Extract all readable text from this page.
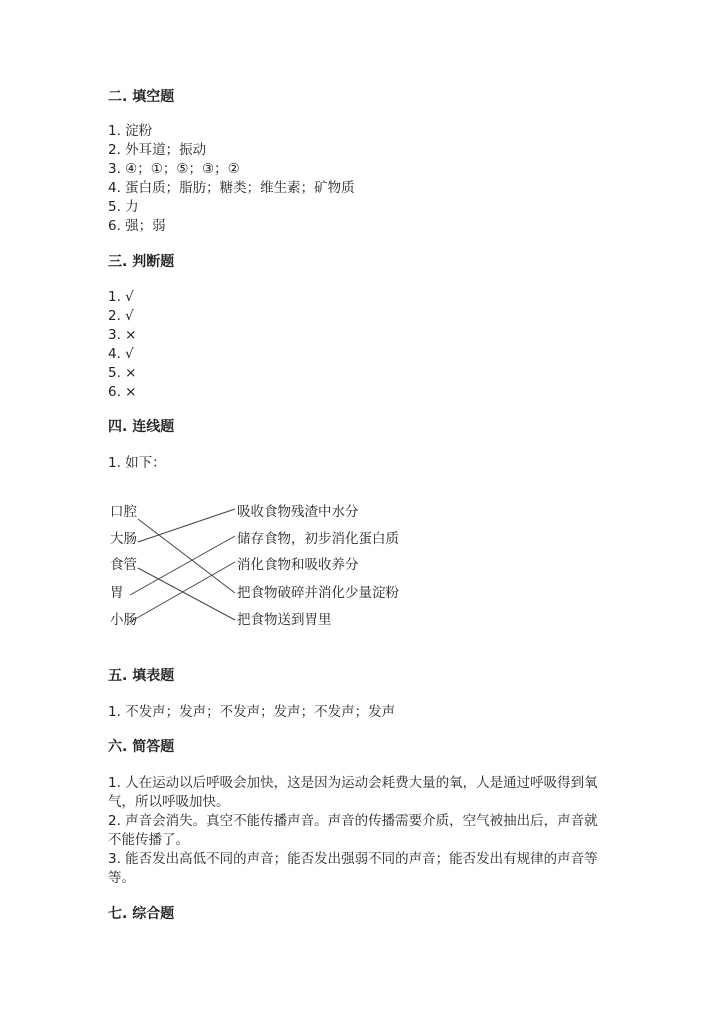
二. 填空题
1. 淀粉
2. 外耳道；振动
3. ④；①；⑤；③；②
4. 蛋白质；脂肪；糖类；维生素；矿物质
5. 力
6. 强；弱
三. 判断题
1. √
2. √
3. ×
4. √
5. ×
6. ×
四. 连线题
1. 如下：
口腔
大肠
食管
胃
小肠
吸收食物残渣中水分
储存食物，初步消化蛋白质
消化食物和吸收养分
把食物破碎并消化少量淀粉
把食物送到胃里
五. 填表题
1. 不发声；发声；不发声；发声；不发声；发声
六. 简答题
1. 人在运动以后呼吸会加快，这是因为运动会耗费大量的氧，人是通过呼吸得到氧气，所以呼吸加快。
2. 声音会消失。真空不能传播声音。声音的传播需要介质，空气被抽出后，声音就不能传播了。
3. 能否发出高低不同的声音；能否发出强弱不同的声音；能否发出有规律的声音等等。
七. 综合题
